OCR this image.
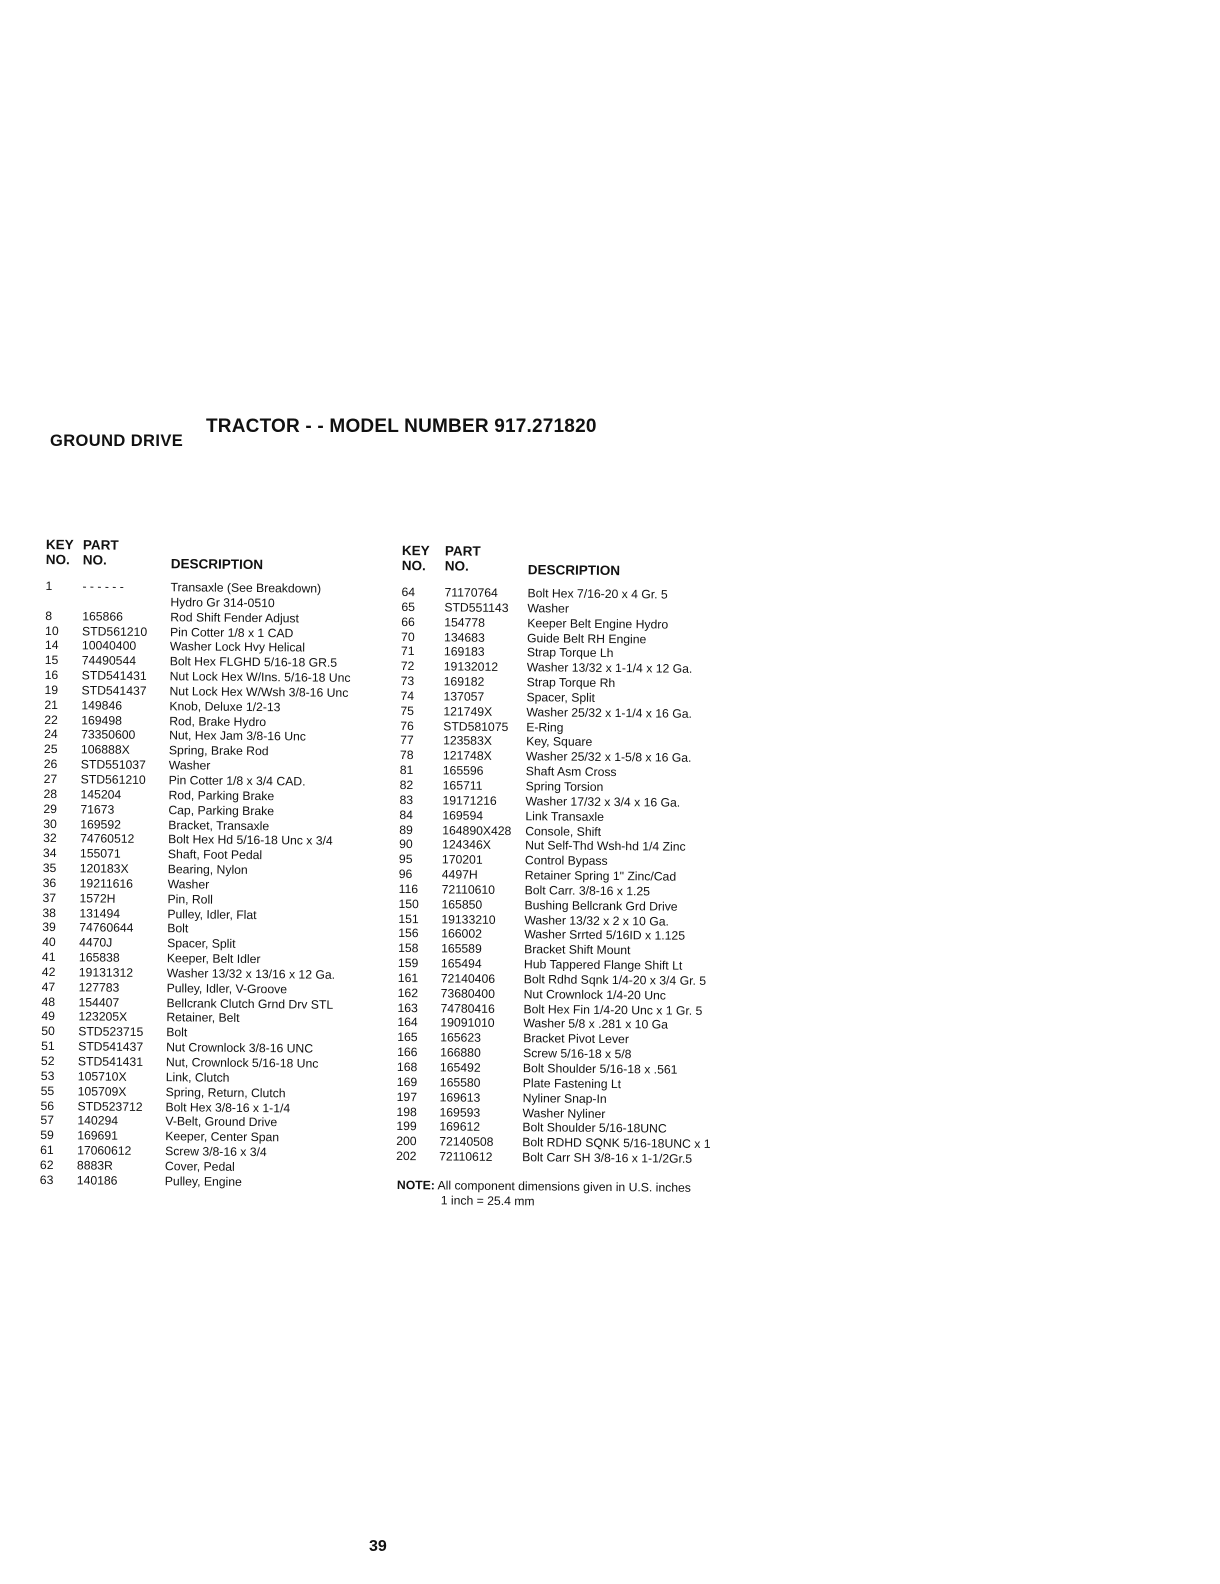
TRACTOR - - MODEL NUMBER 917.271820
GROUND DRIVE
KEY
NO.
PART
NO.	DESCRIPTION
1 - - - - - -	Transaxle (See Breakdown)
Hydro Gr 314-0510
8 165866	Rod Shift Fender Adjust
10 STD561210 Pin Cotter 1/8 x 1 CAD
14 10040400	Washer Lock Hvy Helical
15 74490544	Bolt Hex FLGHD 5/16-18 GR.5
16 STD541431 Nut Lock Hex W/Ins. 5/16-18 Unc
19 STD541437 Nut Lock Hex W/Wsh 3/8-16 Unc
21 149846	Knob, Deluxe 1/2-13
22 169498	Rod, Brake Hydro
24 73350600	Nut, Hex Jam 3/8-16 Unc
25 106888X	Spring, Brake Rod
26 STD551037 Washer
27 STD561210 Pin Cotter 1/8 x 3/4 CAD.
28 145204	Rod, Parking Brake
29 71673	Cap, Parking Brake
30 169592	Bracket, Transaxle
32 74760512	Bolt Hex Hd 5/16-18 Unc x 3/4
34 155071	Shaft, Foot Pedal
35 120183X	Bearing, Nylon
36 19211616	Washer
37 1572H	Pin, Roll
38 131494	Pulley, Idler, Flat
39 74760644	Bolt
40 4470J	Spacer, Split
41 165838	Keeper, Belt Idler
42 19131312	Washer 13/32 x 13/16 x 12 Ga.
47 127783	Pulley, Idler, V-Groove
48 154407	Bellcrank Clutch Grnd Drv STL
49 123205X	Retainer, Belt
50 STD523715 Bolt
51 STD541437 Nut Crownlock 3/8-16 UNC
52 STD541431 Nut, Crownlock 5/16-18 Unc
53 105710X	Link, Clutch
55 105709X	Spring, Return, Clutch
56 STD523712 Bolt Hex 3/8-16 x 1-1/4
57 140294	V-Belt, Ground Drive
59 169691	Keeper, Center Span
61 17060612	Screw 3/8-16 x 3/4
62 8883R	Cover, Pedal
63 140186	Pulley, Engine
KEY
NO.
PART
NO.	DESCRIPTION
64 71170764 Bolt Hex 7/16-20 x 4 Gr. 5
65 STD551143 Washer
66 154778	Keeper Belt Engine Hydro
70 134683	Guide Belt RH Engine
71 169183	Strap Torque Lh
72 19132012 Washer 13/32 x 1-1/4 x 12 Ga.
73 169182	Strap Torque Rh
74 137057	Spacer, Split
75 121749X	Washer 25/32 x 1-1/4 x 16 Ga.
76 STD581075 E-Ring
77 123583X	Key, Square
78 121748X	Washer 25/32 x 1-5/8 x 16 Ga.
81 165596	Shaft Asm Cross
82 165711	Spring Torsion
83 19171216 Washer 17/32 x 3/4 x 16 Ga.
84 169594	Link Transaxle
89 164890X428 Console, Shift
90 124346X	Nut Self-Thd Wsh-hd 1/4 Zinc
95 170201	Control Bypass
96 4497H	Retainer Spring 1" Zinc/Cad
116 72110610 Bolt Carr. 3/8-16 x 1.25
150 165850	Bushing Bellcrank Grd Drive
151 19133210 Washer 13/32 x 2 x 10 Ga.
156 166002	Washer Srrted 5/16ID x 1.125
158 165589	Bracket Shift Mount
159 165494	Hub Tappered Flange Shift Lt
161 72140406 Bolt Rdhd Sqnk 1/4-20 x 3/4 Gr. 5
162 73680400 Nut Crownlock 1/4-20 Unc
163 74780416 Bolt Hex Fin 1/4-20 Unc x 1 Gr. 5
164 19091010 Washer 5/8 x .281 x 10 Ga
165 165623	Bracket Pivot Lever
166 166880	Screw 5/16-18 x 5/8
168 165492	Bolt Shoulder 5/16-18 x .561
169 165580	Plate Fastening Lt
197 169613	Nyliner Snap-In
198 169593	Washer Nyliner
199 169612	Bolt Shoulder 5/16-18UNC
200 72140508 Bolt RDHD SQNK 5/16-18UNC x 1
202 72110612 Bolt Carr SH 3/8-16 x 1-1/2Gr.5
NOTE: All component dimensions given in U.S. inches
1 inch = 25.4 mm
39
